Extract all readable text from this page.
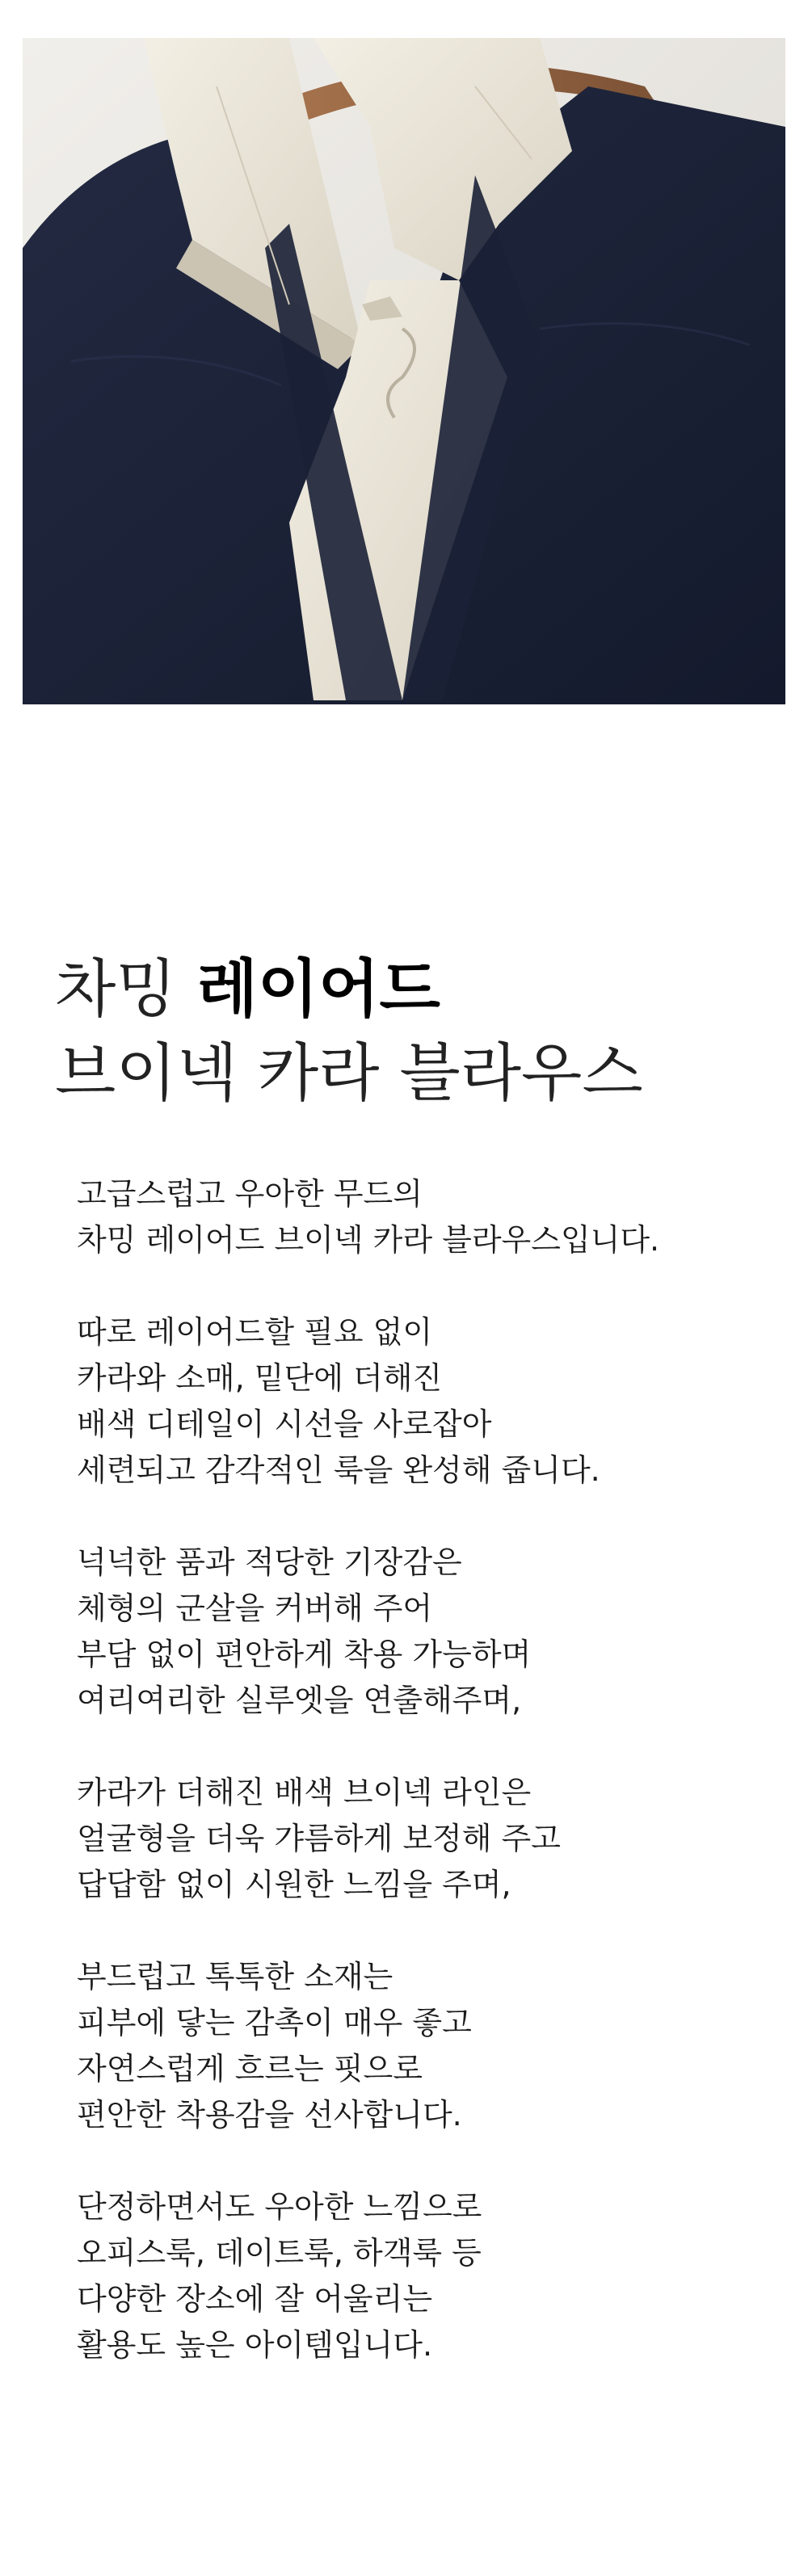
차밍 레이어드
브이넥 카라 블라우스

고급스럽고 우아한 무드의
차밍 레이어드 브이넥 카라 블라우스입니다.

따로 레이어드할 필요 없이
카라와 소매, 밑단에 더해진
배색 디테일이 시선을 사로잡아
세련되고 감각적인 룩을 완성해 줍니다.

넉넉한 품과 적당한 기장감은
체형의 군살을 커버해 주어
부담 없이 편안하게 착용 가능하며
여리여리한 실루엣을 연출해주며,

카라가 더해진 배색 브이넥 라인은
얼굴형을 더욱 갸름하게 보정해 주고
답답함 없이 시원한 느낌을 주며,

부드럽고 톡톡한 소재는
피부에 닿는 감촉이 매우 좋고
자연스럽게 흐르는 핏으로
편안한 착용감을 선사합니다.

단정하면서도 우아한 느낌으로
오피스룩, 데이트룩, 하객룩 등
다양한 장소에 잘 어울리는
활용도 높은 아이템입니다.
